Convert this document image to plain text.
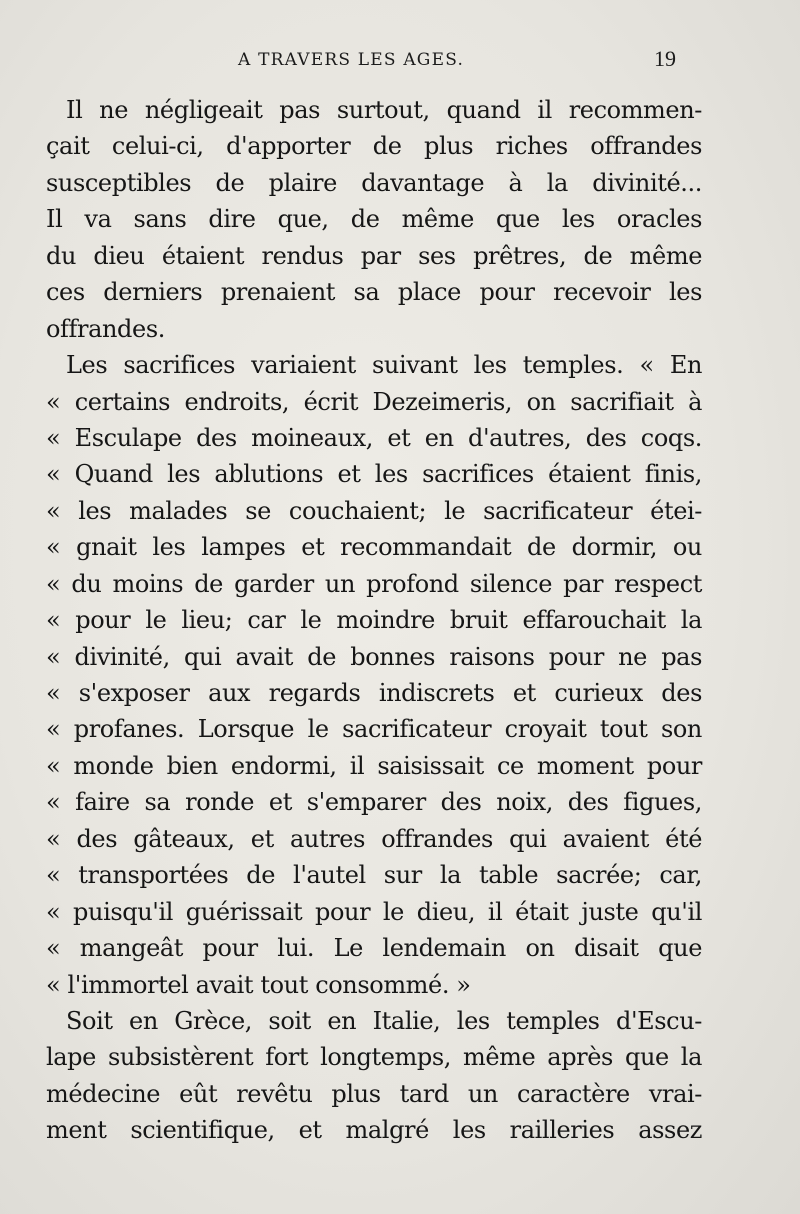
A TRAVERS LES AGES.	19
Il ne négligeait pas surtout, quand il recommen-
çait celui-ci, d'apporter de plus riches offrandes
susceptibles de plaire davantage à la divinité...
Il va sans dire que, de même que les oracles
du dieu étaient rendus par ses prêtres, de même
ces derniers prenaient sa place pour recevoir les
offrandes.
Les sacrifices variaient suivant les temples. « En
« certains endroits, écrit Dezeimeris, on sacrifiait à
« Esculape des moineaux, et en d'autres, des coqs.
« Quand les ablutions et les sacrifices étaient finis,
« les malades se couchaient; le sacrificateur étei-
« gnait les lampes et recommandait de dormir, ou
« du moins de garder un profond silence par respect
« pour le lieu; car le moindre bruit effarouchait la
« divinité, qui avait de bonnes raisons pour ne pas
« s'exposer aux regards indiscrets et curieux des
« profanes. Lorsque le sacrificateur croyait tout son
« monde bien endormi, il saisissait ce moment pour
« faire sa ronde et s'emparer des noix, des figues,
« des gâteaux, et autres offrandes qui avaient été
« transportées de l'autel sur la table sacrée; car,
« puisqu'il guérissait pour le dieu, il était juste qu'il
« mangeât pour lui. Le lendemain on disait que
« l'immortel avait tout consommé. »
Soit en Grèce, soit en Italie, les temples d'Escu-
lape subsistèrent fort longtemps, même après que la
médecine eût revêtu plus tard un caractère vrai-
ment scientifique, et malgré les railleries assez
